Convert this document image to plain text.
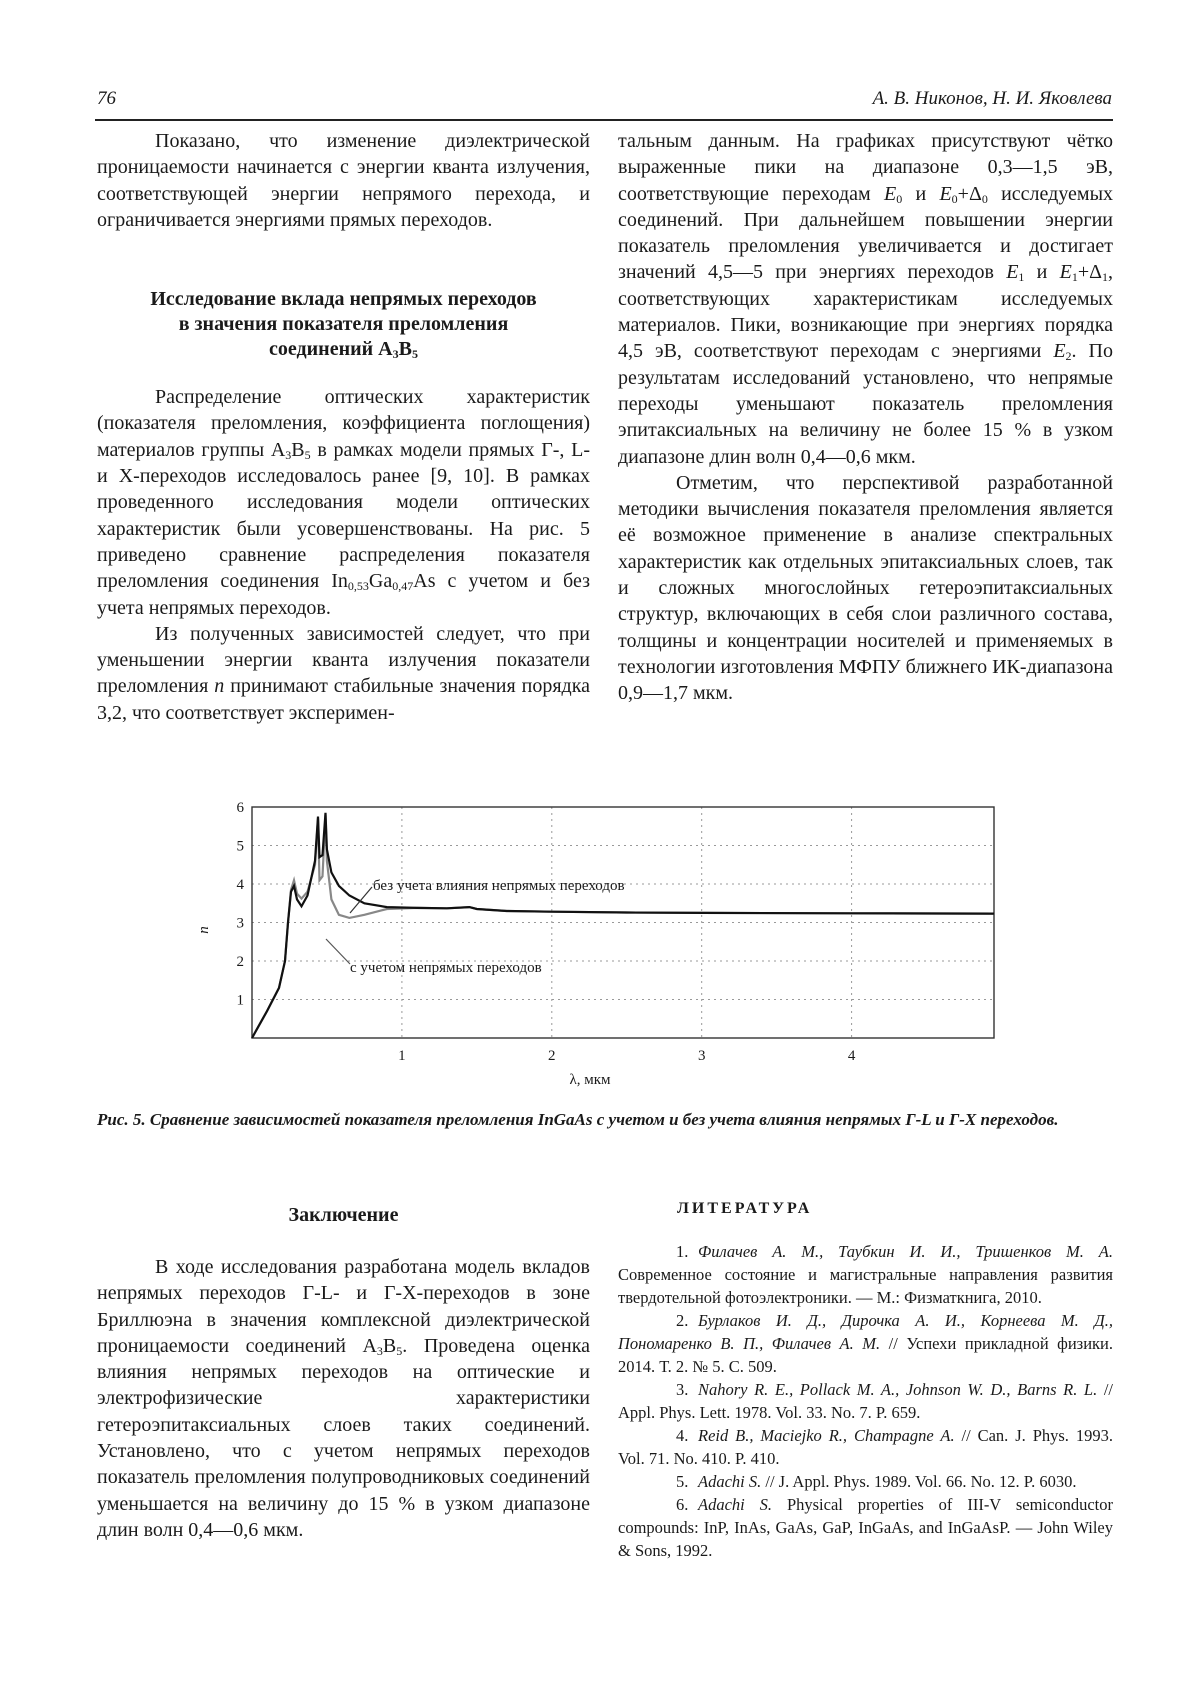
76	А. В. Никонов, Н. И. Яковлева

Показано, что изменение диэлектрической проницаемости начинается с энергии кванта излучения, соответствующей энергии непрямого перехода, и ограничивается энергиями прямых переходов.

Исследование вклада непрямых переходов
в значения показателя преломления
соединений $A_3B_5$

Распределение оптических характеристик (показателя преломления, коэффициента поглощения) материалов группы $A_3B_5$ в рамках модели прямых Г-, L- и X-переходов исследовалось ранее [9, 10]. В рамках проведенного исследования модели оптических характеристик были усовершенствованы. На рис. 5 приведено сравнение распределения показателя преломления соединения $In_{0,53}Ga_{0,47}As$ с учетом и без учета непрямых переходов.

Из полученных зависимостей следует, что при уменьшении энергии кванта излучения показатели преломления n принимают стабильные значения порядка 3,2, что соответствует эксперимен-

тальным данным. На графиках присутствуют чётко выраженные пики на диапазоне 0,3—1,5 эВ, соответствующие переходам $E_0$ и $E_0+\Delta_0$ исследуемых соединений. При дальнейшем повышении энергии показатель преломления увеличивается и достигает значений 4,5—5 при энергиях переходов $E_1$ и $E_1+\Delta_1$, соответствующих характеристикам исследуемых материалов. Пики, возникающие при энергиях порядка 4,5 эВ, соответствуют переходам с энергиями $E_2$. По результатам исследований установлено, что непрямые переходы уменьшают показатель преломления эпитаксиальных на величину не более 15 % в узком диапазоне длин волн 0,4—0,6 мкм.

Отметим, что перспективой разработанной методики вычисления показателя преломления является её возможное применение в анализе спектральных характеристик как отдельных эпитаксиальных слоев, так и сложных многослойных гетероэпитаксиальных структур, включающих в себя слои различного состава, толщины и концентрации носителей и применяемых в технологии изготовления МФПУ ближнего ИК-диапазона 0,9—1,7 мкм.

1
2
3
4
5
6
1	2	3	4
без учета влияния непрямых переходов
с учетом непрямых переходов
n
λ, мкм
Рис. 5. Сравнение зависимостей показателя преломления InGaAs с учетом и без учета влияния непрямых Г-L и Г-X переходов.
Заключение

В ходе исследования разработана модель вкладов непрямых переходов Г-L- и Г-X-переходов в зоне Бриллюэна в значения комплексной диэлектрической проницаемости соединений $A_3B_5$. Проведена оценка влияния непрямых переходов на оптические и электрофизические характеристики гетероэпитаксиальных слоев таких соединений. Установлено, что с учетом непрямых переходов показатель преломления полупроводниковых соединений уменьшается на величину до 15 % в узком диапазоне длин волн 0,4—0,6 мкм.

ЛИТЕРАТУРА

1. Филачев А. М., Таубкин И. И., Тришенков М. А. Современное состояние и магистральные направления развития твердотельной фотоэлектроники. — М.: Физматкнига, 2010.

2. Бурлаков И. Д., Дирочка А. И., Корнеева М. Д., Пономаренко В. П., Филачев А. М. // Успехи прикладной физики. 2014. Т. 2. № 5. С. 509.

3. Nahory R. E., Pollack M. A., Johnson W. D., Barns R. L. // Appl. Phys. Lett. 1978. Vol. 33. No. 7. P. 659.

4. Reid B., Maciejko R., Champagne A. // Can. J. Phys. 1993. Vol. 71. No. 410. P. 410.

5. Adachi S. // J. Appl. Phys. 1989. Vol. 66. No. 12. P. 6030.

6. Adachi S. Physical properties of III-V semiconductor compounds: InP, InAs, GaAs, GaP, InGaAs, and InGaAsP. — John Wiley & Sons, 1992.
